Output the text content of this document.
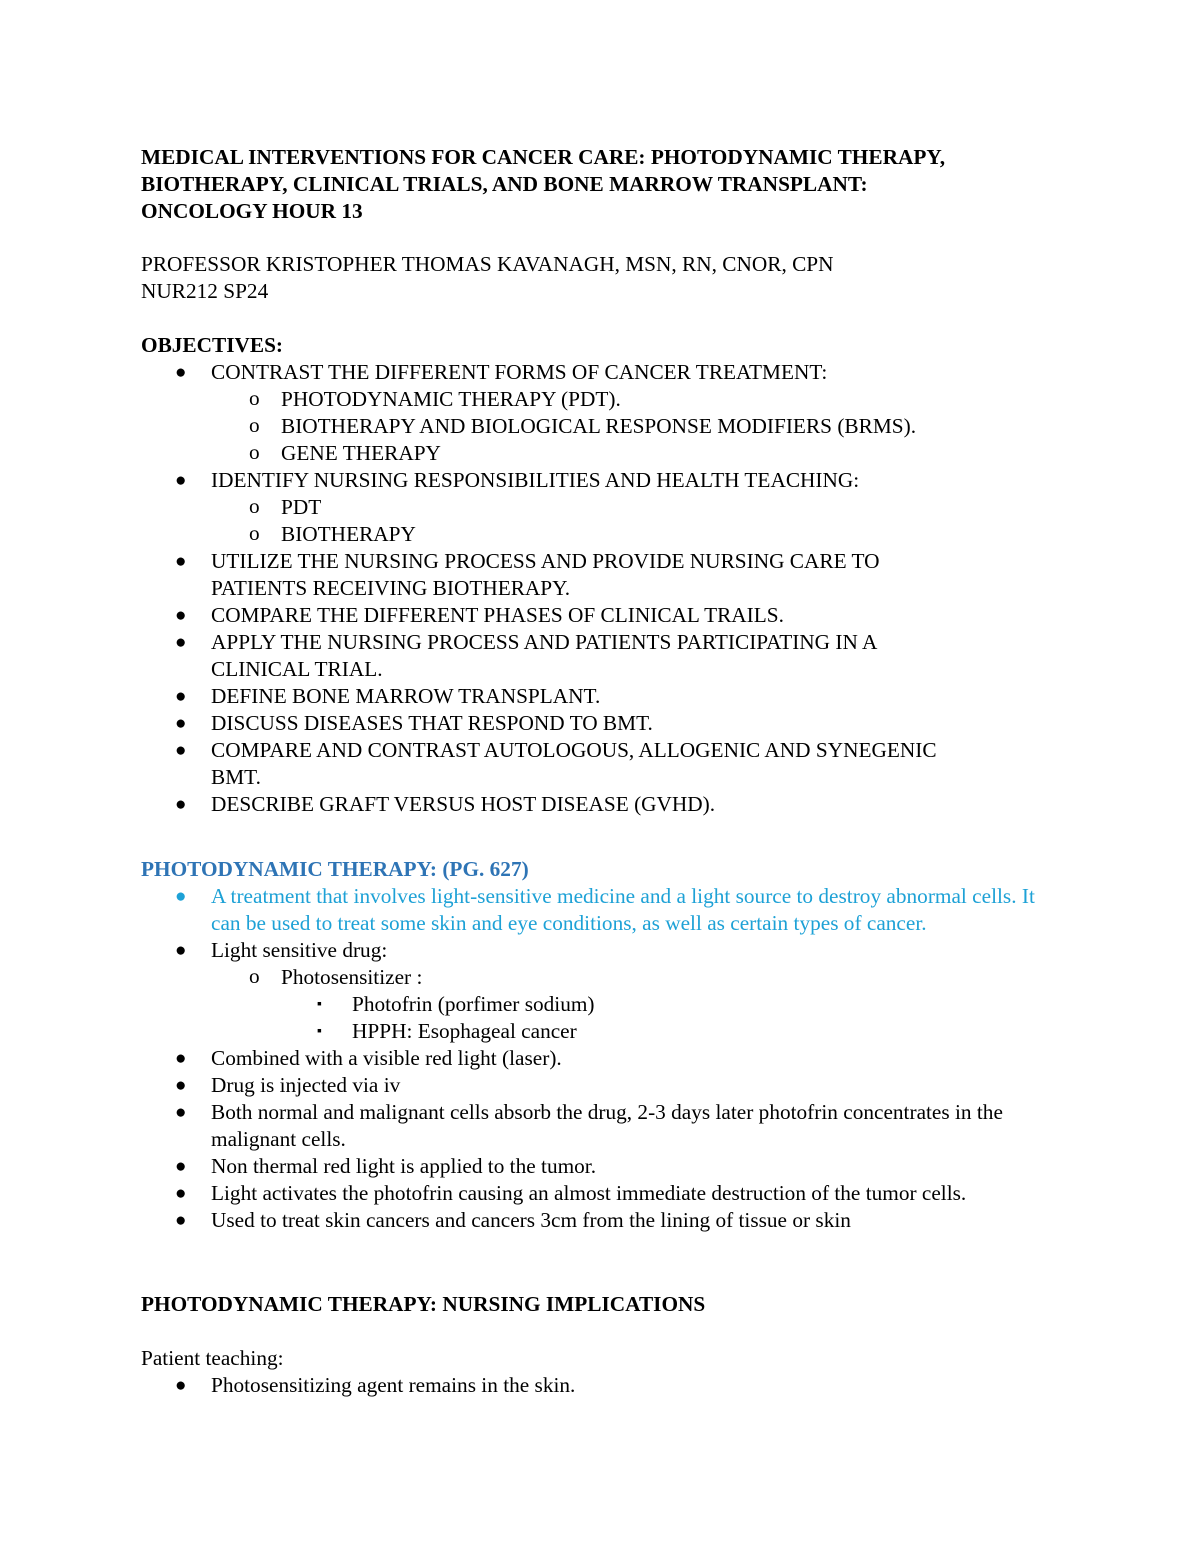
MEDICAL INTERVENTIONS FOR CANCER CARE: PHOTODYNAMIC THERAPY,

BIOTHERAPY, CLINICAL TRIALS, AND BONE MARROW TRANSPLANT:

ONCOLOGY HOUR 13

PROFESSOR KRISTOPHER THOMAS KAVANAGH, MSN, RN, CNOR, CPN

NUR212 SP24

OBJECTIVES:

● CONTRAST THE DIFFERENT FORMS OF CANCER TREATMENT:
o PHOTODYNAMIC THERAPY (PDT).
o BIOTHERAPY AND BIOLOGICAL RESPONSE MODIFIERS (BRMS).
o GENE THERAPY
● IDENTIFY NURSING RESPONSIBILITIES AND HEALTH TEACHING:
o PDT
o BIOTHERAPY
● UTILIZE THE NURSING PROCESS AND PROVIDE NURSING CARE TO PATIENTS RECEIVING BIOTHERAPY.
● COMPARE THE DIFFERENT PHASES OF CLINICAL TRAILS.
● APPLY THE NURSING PROCESS AND PATIENTS PARTICIPATING IN A CLINICAL TRIAL.
● DEFINE BONE MARROW TRANSPLANT.
● DISCUSS DISEASES THAT RESPOND TO BMT.
● COMPARE AND CONTRAST AUTOLOGOUS, ALLOGENIC AND SYNEGENIC BMT.
● DESCRIBE GRAFT VERSUS HOST DISEASE (GVHD).

PHOTODYNAMIC THERAPY: (PG. 627)

● A treatment that involves light-sensitive medicine and a light source to destroy abnormal cells. It can be used to treat some skin and eye conditions, as well as certain types of cancer.
● Light sensitive drug:
o Photosensitizer :
▪ Photofrin (porfimer sodium)
▪ HPPH: Esophageal cancer
● Combined with a visible red light (laser).
● Drug is injected via iv
● Both normal and malignant cells absorb the drug, 2-3 days later photofrin concentrates in the malignant cells.
● Non thermal red light is applied to the tumor.
● Light activates the photofrin causing an almost immediate destruction of the tumor cells.
● Used to treat skin cancers and cancers 3cm from the lining of tissue or skin

PHOTODYNAMIC THERAPY: NURSING IMPLICATIONS

Patient teaching:

● Photosensitizing agent remains in the skin.
